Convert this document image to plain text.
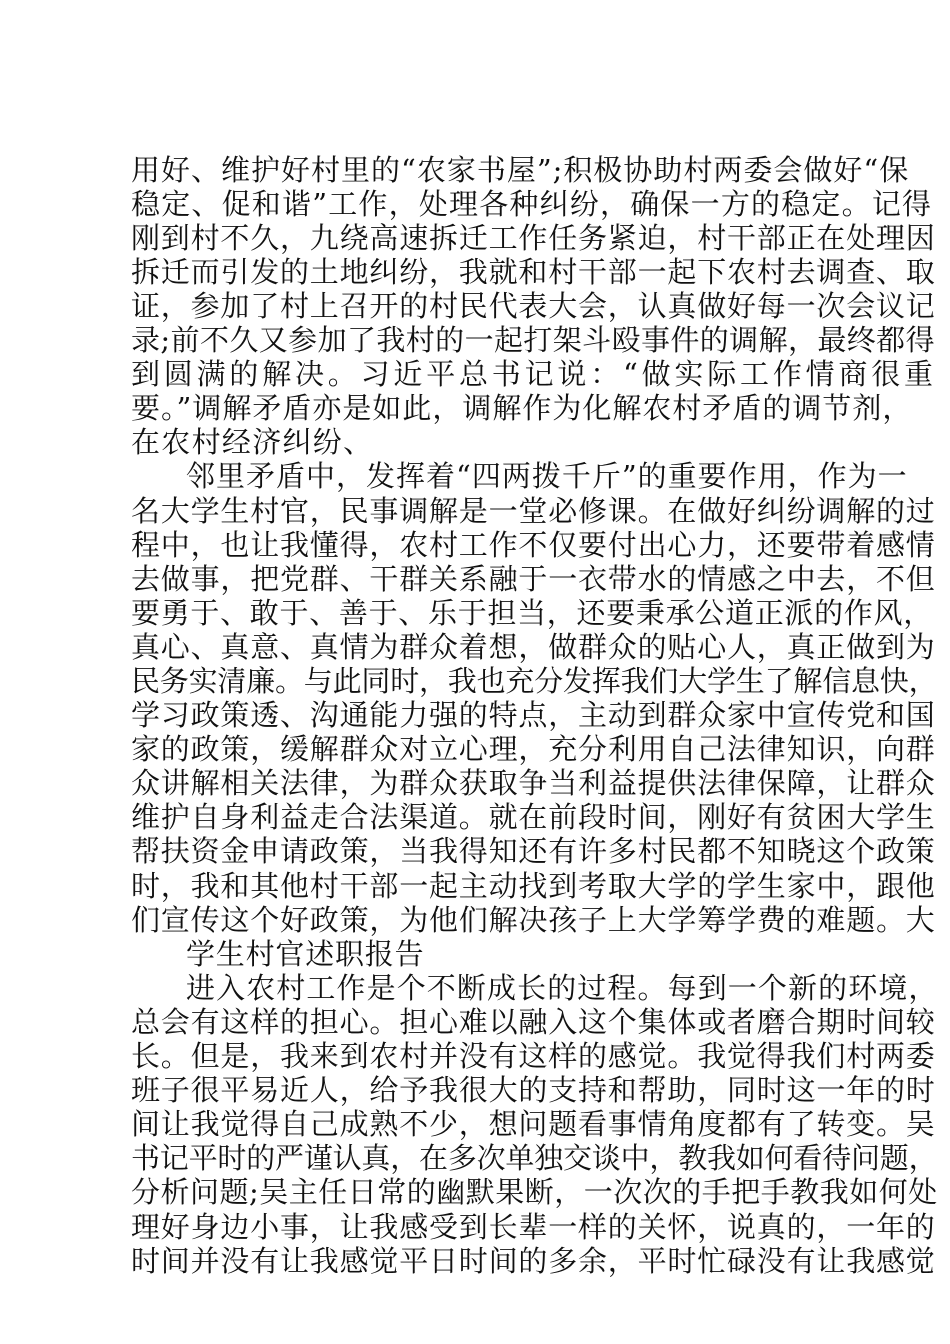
用好、维护好村里的“农家书屋”;积极协助村两委会做好“保
稳定、促和谐”工作，处理各种纠纷，确保一方的稳定。记得
刚到村不久，九绕高速拆迁工作任务紧迫，村干部正在处理因
拆迁而引发的土地纠纷，我就和村干部一起下农村去调查、取
证，参加了村上召开的村民代表大会，认真做好每一次会议记
录;前不久又参加了我村的一起打架斗殴事件的调解，最终都得
到圆满的解决。习近平总书记说：“做实际工作情商很重
要。”调解矛盾亦是如此，调解作为化解农村矛盾的调节剂，
在农村经济纠纷、
邻里矛盾中，发挥着“四两拨千斤”的重要作用，作为一
名大学生村官，民事调解是一堂必修课。在做好纠纷调解的过
程中，也让我懂得，农村工作不仅要付出心力，还要带着感情
去做事，把党群、干群关系融于一衣带水的情感之中去，不但
要勇于、敢于、善于、乐于担当，还要秉承公道正派的作风，
真心、真意、真情为群众着想，做群众的贴心人，真正做到为
民务实清廉。与此同时，我也充分发挥我们大学生了解信息快，
学习政策透、沟通能力强的特点，主动到群众家中宣传党和国
家的政策，缓解群众对立心理，充分利用自己法律知识，向群
众讲解相关法律，为群众获取争当利益提供法律保障，让群众
维护自身利益走合法渠道。就在前段时间，刚好有贫困大学生
帮扶资金申请政策，当我得知还有许多村民都不知晓这个政策
时，我和其他村干部一起主动找到考取大学的学生家中，跟他
们宣传这个好政策，为他们解决孩子上大学筹学费的难题。大
学生村官述职报告
进入农村工作是个不断成长的过程。每到一个新的环境，
总会有这样的担心。担心难以融入这个集体或者磨合期时间较
长。但是，我来到农村并没有这样的感觉。我觉得我们村两委
班子很平易近人，给予我很大的支持和帮助，同时这一年的时
间让我觉得自己成熟不少，想问题看事情角度都有了转变。吴
书记平时的严谨认真，在多次单独交谈中，教我如何看待问题，
分析问题;吴主任日常的幽默果断，一次次的手把手教我如何处
理好身边小事，让我感受到长辈一样的关怀，说真的，一年的
时间并没有让我感觉平日时间的多余，平时忙碌没有让我感觉
